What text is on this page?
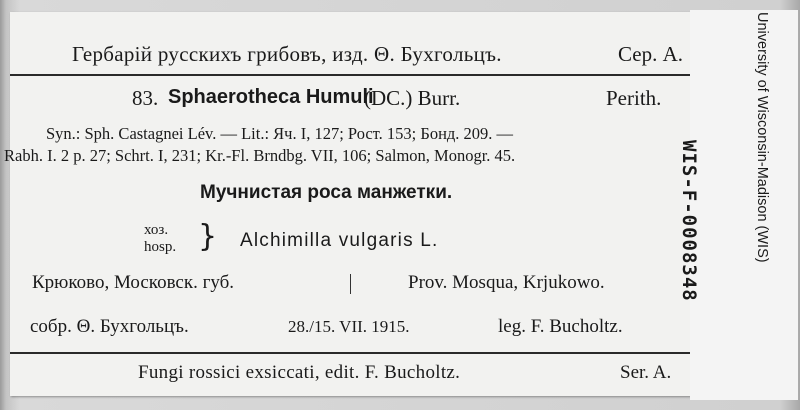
Гербарій русскихъ грибовъ, изд. Θ. Бухгольцъ.	Сер. А.
83. Sphaerotheca Humuli
(DC.) Burr.	Perith.
Syn.: Sph. Castagnei Lév. — Lit.: Яч. I, 127; Рост. 153; Бонд. 209. —
Rabh. I. 2 p. 27; Schrt. I, 231; Kr.-Fl. Brndbg. VII, 106; Salmon, Monogr. 45.
Мучнистая роса манжетки.
хоз.
hosp. } Alchimilla vulgaris L.
Крюково, Московск. губ.	Prov. Mosqua, Krjukowo.
собр. Θ. Бухгольцъ.	28./15. VII. 1915.	leg. F. Bucholtz.
Fungi rossici exsiccati, edit. F. Bucholtz.	Ser. A.
WIS-F-0008348	University of Wisconsin-Madison (WIS)
